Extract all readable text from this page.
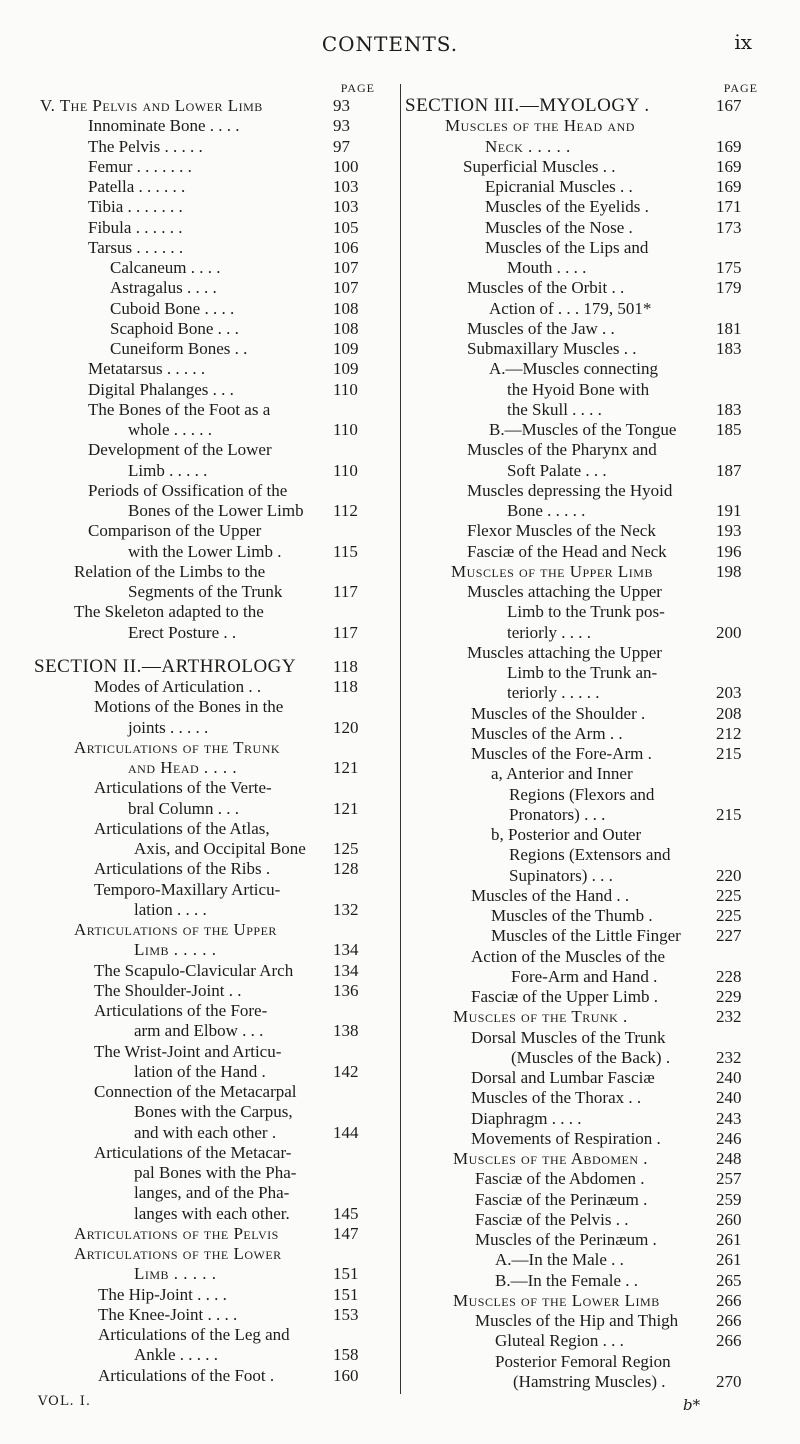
CONTENTS.	ix
PAGE
V. The Pelvis and Lower Limb	93
Innominate Bone . . . .	93
The Pelvis . . . . .	97
Femur . . . . . . .	100
Patella . . . . . .	103
Tibia . . . . . . .	103
Fibula . . . . . .	105
Tarsus . . . . . .	106
Calcaneum . . . .	107
Astragalus . . . .	107
Cuboid Bone . . . .	108
Scaphoid Bone . . .	108
Cuneiform Bones . .	109
Metatarsus . . . . .	109
Digital Phalanges . . .	110
The Bones of the Foot as a
whole . . . . .	110
Development of the Lower
Limb . . . . .	110
Periods of Ossification of the
Bones of the Lower Limb 112
Comparison of the Upper
with the Lower Limb .	115
Relation of the Limbs to the
Segments of the Trunk	117
The Skeleton adapted to the
Erect Posture . .	117
SECTION II.—ARTHROLOGY 118
Modes of Articulation . .	118
Motions of the Bones in the
joints . . . . .	120
Articulations of the Trunk
and Head . . . .	121
Articulations of the Verte-
bral Column . . .	121
Articulations of the Atlas,
Axis, and Occipital Bone 125
Articulations of the Ribs .	128
Temporo-Maxillary Articu-
lation . . . .	132
Articulations of the Upper
Limb . . . . .	134
The Scapulo-Clavicular Arch 134
The Shoulder-Joint . .	136
Articulations of the Fore-
arm and Elbow . . .	138
The Wrist-Joint and Articu-
lation of the Hand .	142
Connection of the Metacarpal
Bones with the Carpus,
and with each other .	144
Articulations of the Metacar-
pal Bones with the Pha-
langes, and of the Pha-
langes with each other.	145
Articulations of the Pelvis	147
Articulations of the Lower
Limb . . . . .	151
The Hip-Joint . . . .	151
The Knee-Joint . . . .	153
Articulations of the Leg and
Ankle . . . . .	158
Articulations of the Foot .	160
PAGE
SECTION III.—MYOLOGY .	167
Muscles of the Head and
Neck . . . . .	169
Superficial Muscles . .	169
Epicranial Muscles . .	169
Muscles of the Eyelids .	171
Muscles of the Nose .	173
Muscles of the Lips and
Mouth . . . .	175
Muscles of the Orbit . .	179
Action of . . . 179, 501*
Muscles of the Jaw . .	181
Submaxillary Muscles . .	183
A.—Muscles connecting
the Hyoid Bone with
the Skull . . . .	183
B.—Muscles of the Tongue 185
Muscles of the Pharynx and
Soft Palate . . .	187
Muscles depressing the Hyoid
Bone . . . . .	191
Flexor Muscles of the Neck	193
Fasciæ of the Head and Neck	196
Muscles of the Upper Limb	198
Muscles attaching the Upper
Limb to the Trunk pos-
teriorly . . . .	200
Muscles attaching the Upper
Limb to the Trunk an-
teriorly . . . . .	203
Muscles of the Shoulder .	208
Muscles of the Arm . .	212
Muscles of the Fore-Arm .	215
a, Anterior and Inner
Regions (Flexors and
Pronators) . . .	215
b, Posterior and Outer
Regions (Extensors and
Supinators) . . .	220
Muscles of the Hand . .	225
Muscles of the Thumb .	225
Muscles of the Little Finger 227
Action of the Muscles of the
Fore-Arm and Hand .	228
Fasciæ of the Upper Limb .	229
Muscles of the Trunk .	232
Dorsal Muscles of the Trunk
(Muscles of the Back) .	232
Dorsal and Lumbar Fasciæ	240
Muscles of the Thorax . .	240
Diaphragm . . . .	243
Movements of Respiration .	246
Muscles of the Abdomen .	248
Fasciæ of the Abdomen .	257
Fasciæ of the Perinæum .	259
Fasciæ of the Pelvis . .	260
Muscles of the Perinæum .	261
A.—In the Male . .	261
B.—In the Female . .	265
Muscles of the Lower Limb	266
Muscles of the Hip and Thigh 266
Gluteal Region . . .	266
Posterior Femoral Region
(Hamstring Muscles) .	270
VOL. I.	b*
